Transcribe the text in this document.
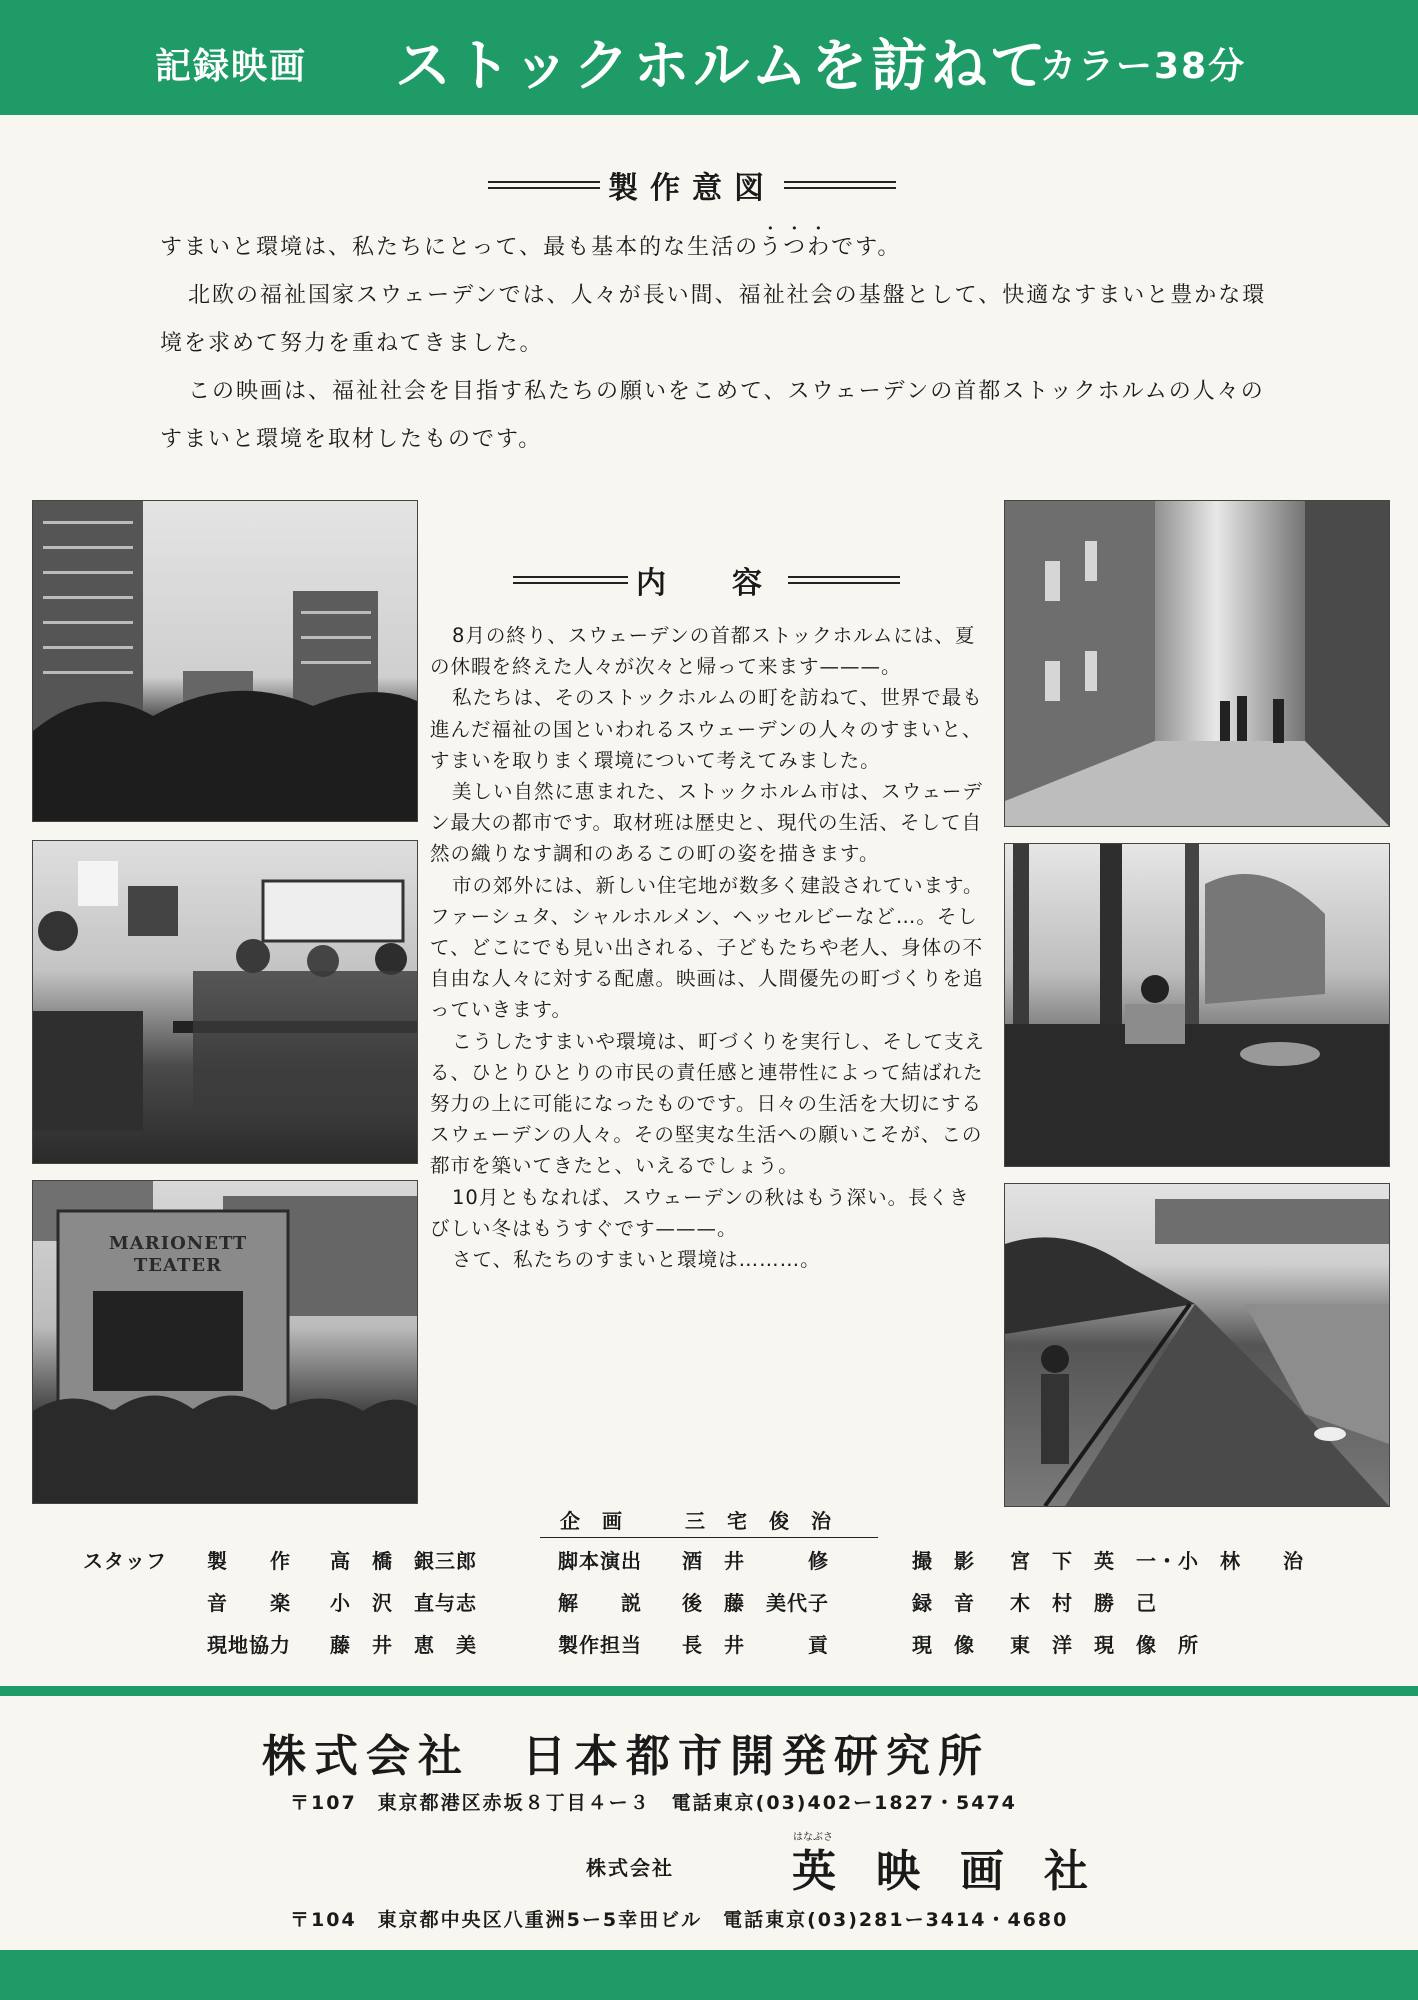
記録映画 ストックホルムを訪ねて
カラー38分
製作意図

すまいと環境は、私たちにとって、最も基本的な生活のうつわです。

北欧の福祉国家スウェーデンでは、人々が長い間、福祉社会の基盤として、快適なすまいと豊かな環境を求めて努力を重ねてきました。

この映画は、福祉社会を目指す私たちの願いをこめて、スウェーデンの首都ストックホルムの人々のすまいと環境を取材したものです。

内　容

8月の終り、スウェーデンの首都ストックホルムには、夏の休暇を終えた人々が次々と帰って来ます———。

私たちは、そのストックホルムの町を訪ねて、世界で最も進んだ福祉の国といわれるスウェーデンの人々のすまいと、すまいを取りまく環境について考えてみました。

美しい自然に恵まれた、ストックホルム市は、スウェーデン最大の都市です。取材班は歴史と、現代の生活、そして自然の織りなす調和のあるこの町の姿を描きます。

市の郊外には、新しい住宅地が数多く建設されています。ファーシュタ、シャルホルメン、ヘッセルビーなど…。そして、どこにでも見い出される、子どもたちや老人、身体の不自由な人々に対する配慮。映画は、人間優先の町づくりを追っていきます。

こうしたすまいや環境は、町づくりを実行し、そして支える、ひとりひとりの市民の責任感と連帯性によって結ばれた努力の上に可能になったものです。日々の生活を大切にするスウェーデンの人々。その堅実な生活への願いこそが、この都市を築いてきたと、いえるでしょう。

10月ともなれば、スウェーデンの秋はもう深い。長くきびしい冬はもうすぐです———。

さて、私たちのすまいと環境は………。

MARIONETT TEATER
企　画	三　宅　俊　治
スタッフ 製　　作 高　橋　銀三郎	脚本演出 酒　井　　　修	撮　影 宮　下　英　一・小　林　　治
音　　楽 小　沢　直与志	解　　説 後　藤　美代子	録　音 木　村　勝　己
現地協力 藤　井　恵　美	製作担当 長　井　　　貢	現　像 東　洋　現　像　所
株式会社　日本都市開発研究所
〒107　東京都港区赤坂８丁目４ー３　電話東京(03)402ー1827・5474
株式会社
はなぶさ
英映画社
〒104　東京都中央区八重洲5ー5幸田ビル　電話東京(03)281ー3414・4680
